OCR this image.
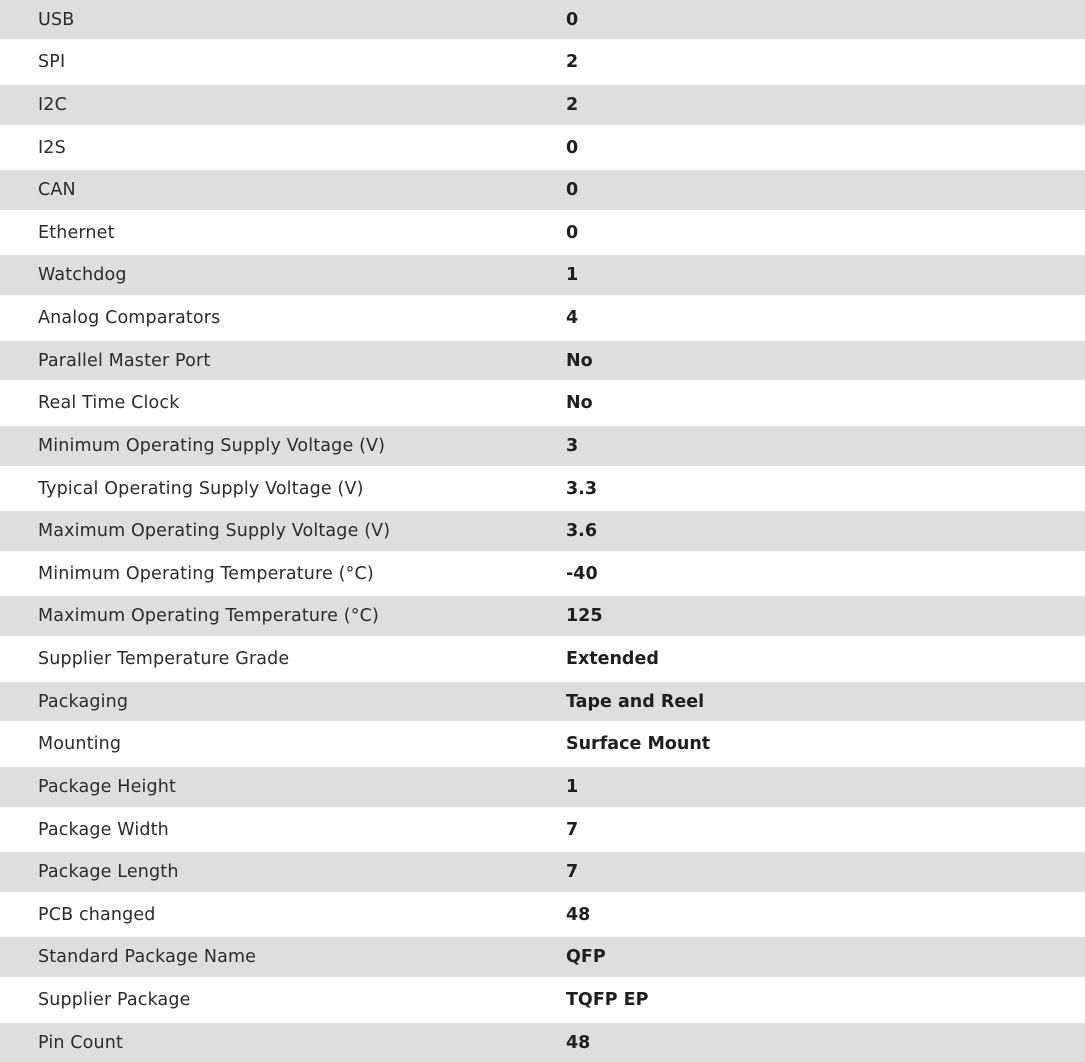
USB	0
SPI	2
I2C	2
I2S	0
CAN	0
Ethernet	0
Watchdog	1
Analog Comparators	4
Parallel Master Port	No
Real Time Clock	No
Minimum Operating Supply Voltage (V)	3
Typical Operating Supply Voltage (V)	3.3
Maximum Operating Supply Voltage (V)	3.6
Minimum Operating Temperature (°C)	-40
Maximum Operating Temperature (°C)	125
Supplier Temperature Grade	Extended
Packaging	Tape and Reel
Mounting	Surface Mount
Package Height	1
Package Width	7
Package Length	7
PCB changed	48
Standard Package Name	QFP
Supplier Package	TQFP EP
Pin Count	48
